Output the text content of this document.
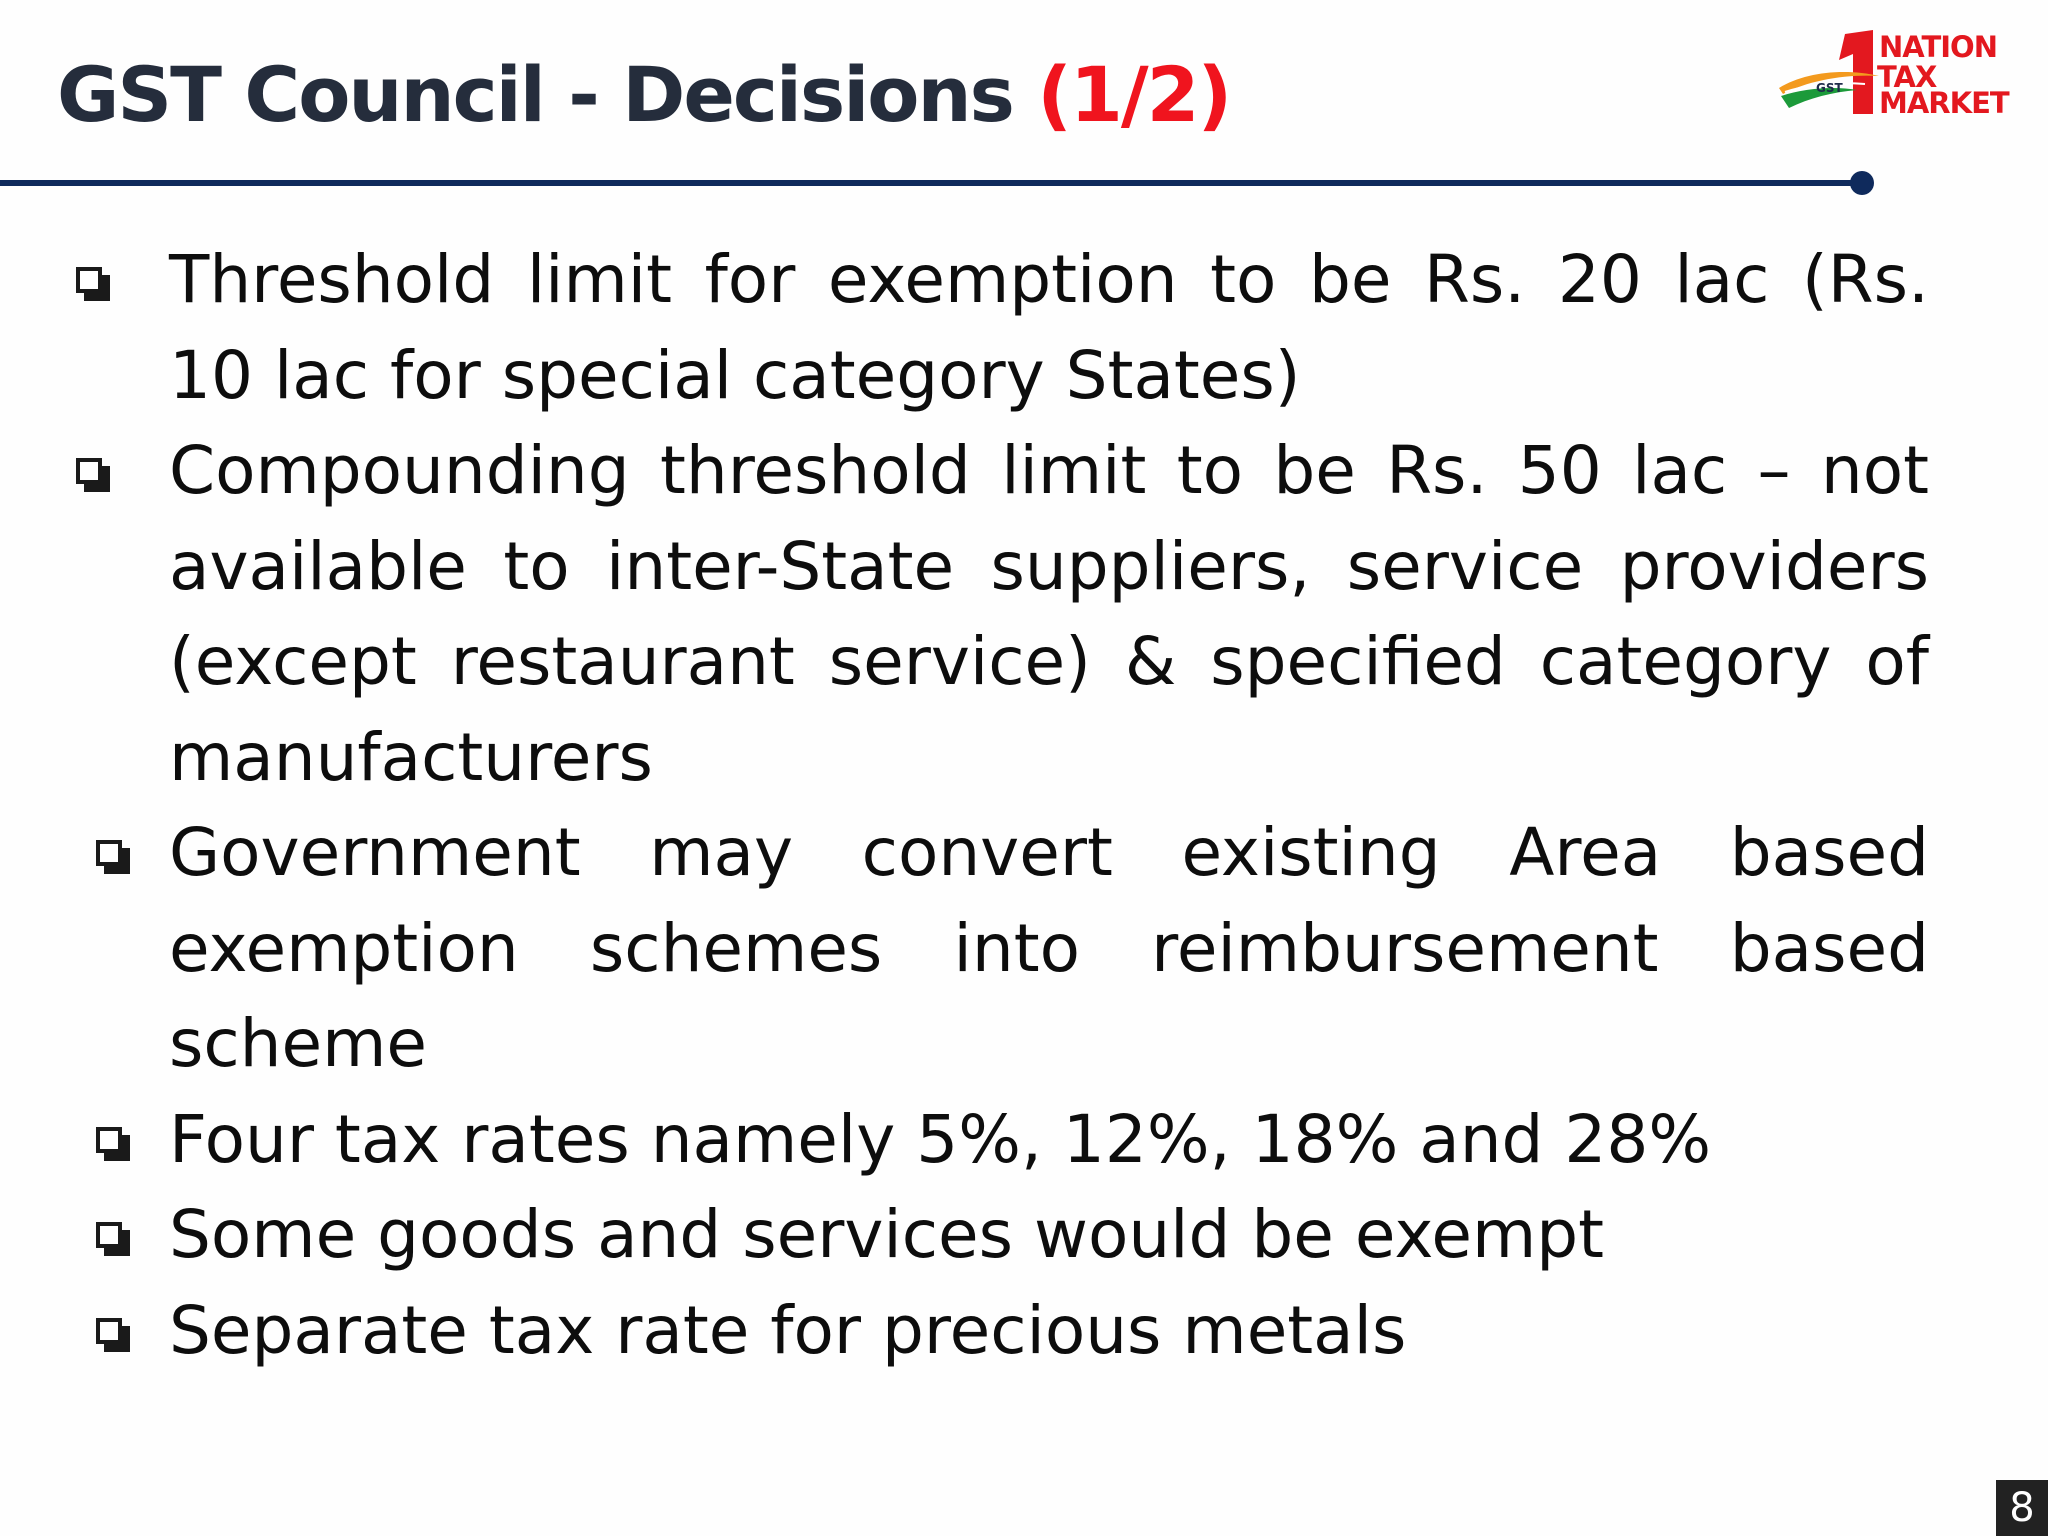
GST Council - Decisions (1/2)	GST
NATION
TAX
MARKET
Threshold limit for exemption to be Rs. 20 lac (Rs. 10 lac for special category States)
Compounding threshold limit to be Rs. 50 lac – not available to inter-State suppliers, service providers (except restaurant service) & specified category of manufacturers
Government may convert existing Area based exemption schemes into reimbursement based scheme
Four tax rates namely 5%, 12%, 18% and 28%
Some goods and services would be exempt
Separate tax rate for precious metals
8
